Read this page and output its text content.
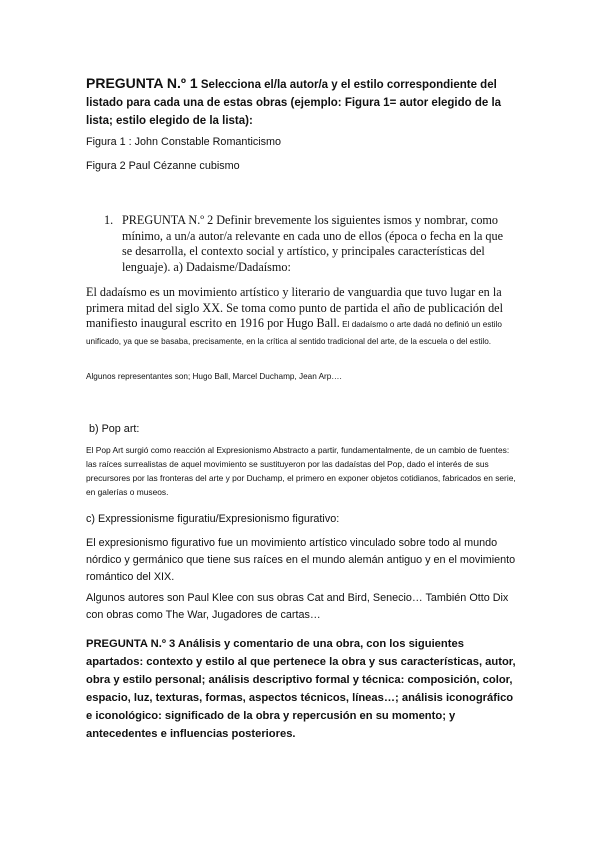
PREGUNTA N.º 1 Selecciona el/la autor/a y el estilo correspondiente del listado para cada una de estas obras (ejemplo: Figura 1= autor elegido de la lista; estilo elegido de la lista):

Figura 1 : John Constable Romanticismo

Figura 2 Paul Cézanne cubismo

1. PREGUNTA N.º 2 Definir brevemente los siguientes ismos y nombrar, como mínimo, a un/a autor/a relevante en cada uno de ellos (época o fecha en la que se desarrolla, el contexto social y artístico, y principales características del lenguaje). a) Dadaisme/Dadaísmo:

El dadaísmo es un movimiento artístico y literario de vanguardia que tuvo lugar en la primera mitad del siglo XX. Se toma como punto de partida el año de publicación del manifiesto inaugural escrito en 1916 por Hugo Ball. El dadaísmo o arte dadá no definió un estilo unificado, ya que se basaba, precisamente, en la crítica al sentido tradicional del arte, de la escuela o del estilo.

Algunos representantes son; Hugo Ball, Marcel Duchamp, Jean Arp….

b) Pop art:

El Pop Art surgió como reacción al Expresionismo Abstracto a partir, fundamentalmente, de un cambio de fuentes: las raíces surrealistas de aquel movimiento se sustituyeron por las dadaístas del Pop, dado el interés de sus precursores por las fronteras del arte y por Duchamp, el primero en exponer objetos cotidianos, fabricados en serie, en galerías o museos.

c) Expressionisme figuratiu/Expresionismo figurativo:

El expresionismo figurativo fue un movimiento artístico vinculado sobre todo al mundo nórdico y germánico que tiene sus raíces en el mundo alemán antiguo y en el movimiento romántico del XIX.

Algunos autores son Paul Klee con sus obras Cat and Bird, Senecio… También Otto Dix con obras como The War, Jugadores de cartas…

PREGUNTA N.º 3 Análisis y comentario de una obra, con los siguientes apartados: contexto y estilo al que pertenece la obra y sus características, autor, obra y estilo personal; análisis descriptivo formal y técnica: composición, color, espacio, luz, texturas, formas, aspectos técnicos, líneas…; análisis iconográfico e iconológico: significado de la obra y repercusión en su momento; y antecedentes e influencias posteriores.
